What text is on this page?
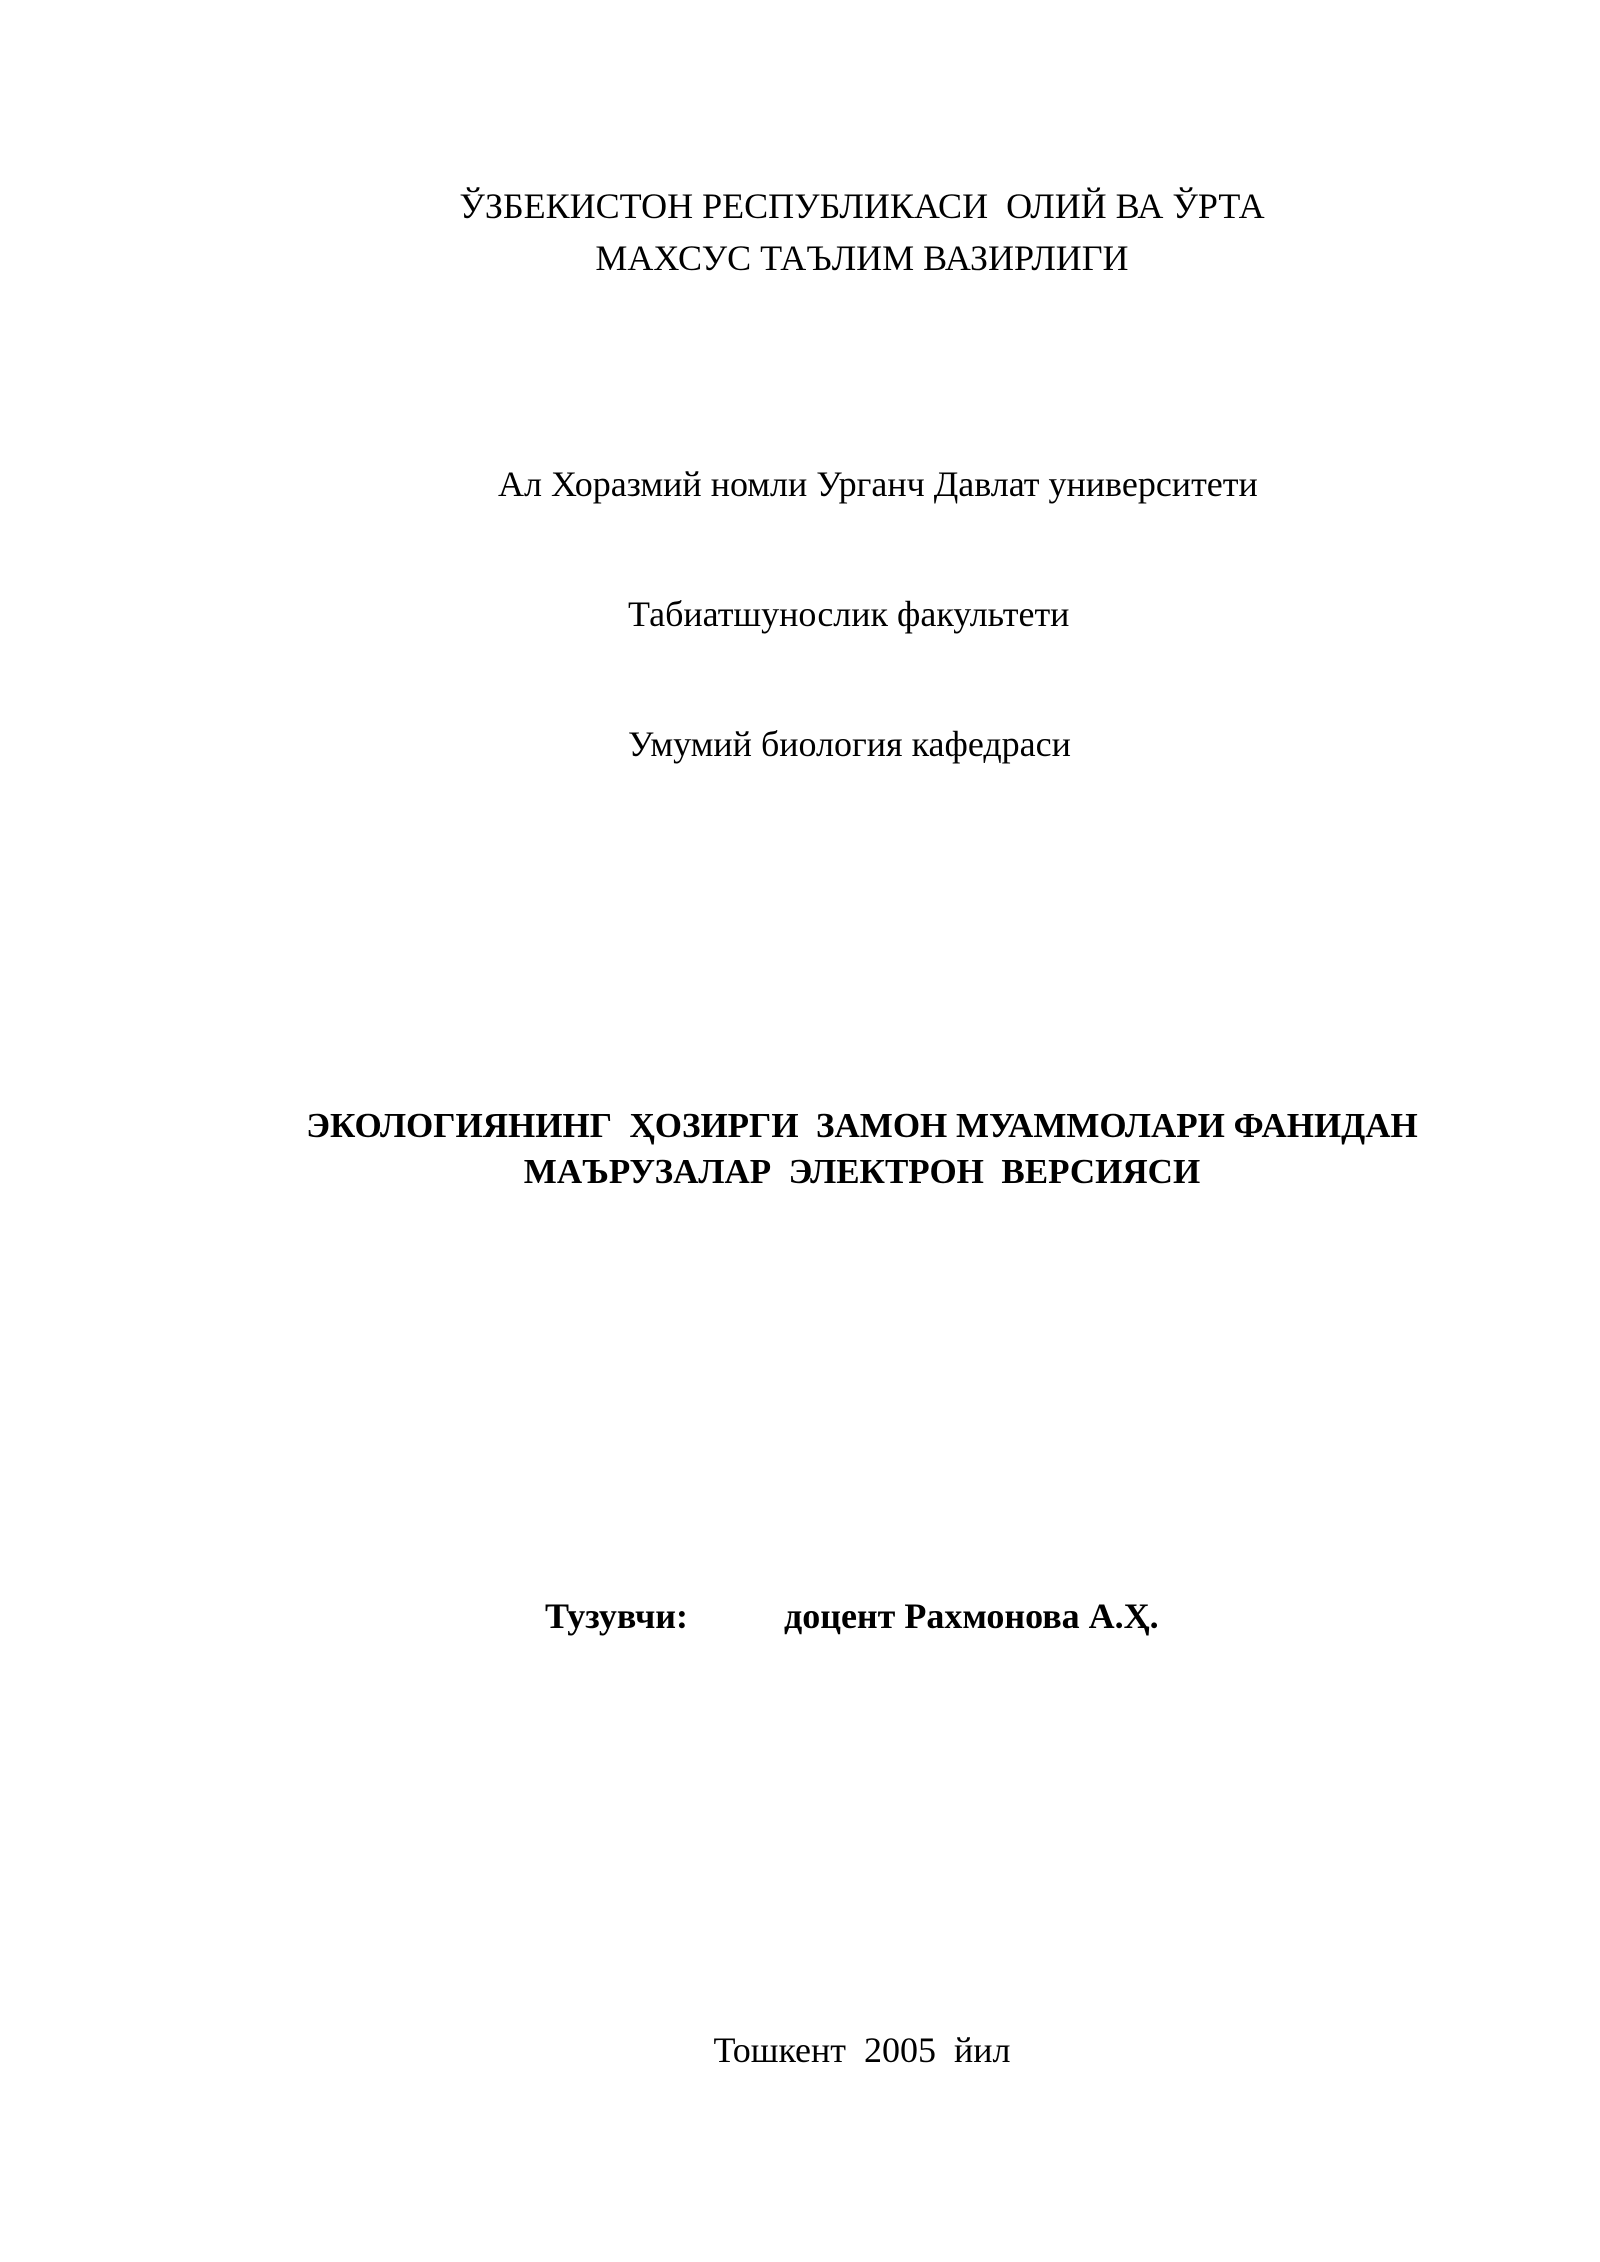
ЎЗБЕКИСТОН РЕСПУБЛИКАСИ  ОЛИЙ ВА ЎРТА
МАХСУС ТАЪЛИМ ВАЗИРЛИГИ
Ал Хоразмий номли Урганч Давлат университети
Табиатшунослик факультети
Умумий биология кафедраси
ЭКОЛОГИЯНИНГ  ҲОЗИРГИ  ЗАМОН МУАММОЛАРИ ФАНИДАН
МАЪРУЗАЛАР  ЭЛЕКТРОН  ВЕРСИЯСИ
Тузувчи:	доцент Рахмонова А.Ҳ.
Тошкент  2005  йил
